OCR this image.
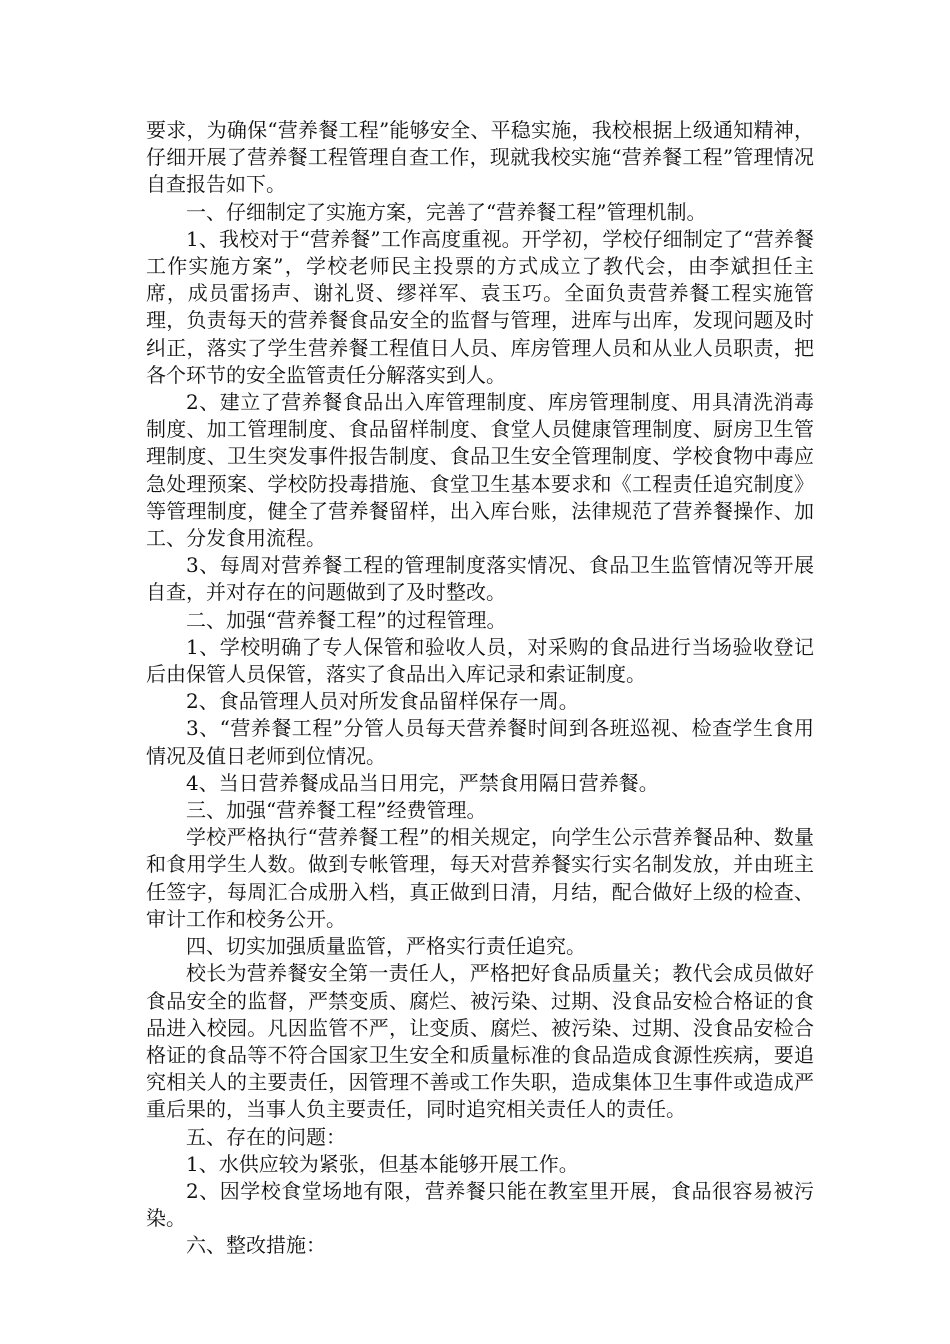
要求，为确保“营养餐工程”能够安全、平稳实施，我校根据上级通知精神，仔细开展了营养餐工程管理自查工作，现就我校实施“营养餐工程”管理情况自查报告如下。

一、仔细制定了实施方案，完善了“营养餐工程”管理机制。

1、我校对于“营养餐”工作高度重视。开学初，学校仔细制定了“营养餐工作实施方案”，学校老师民主投票的方式成立了教代会，由李斌担任主席，成员雷扬声、谢礼贤、缪祥军、袁玉巧。全面负责营养餐工程实施管理，负责每天的营养餐食品安全的监督与管理，进库与出库，发现问题及时纠正，落实了学生营养餐工程值日人员、库房管理人员和从业人员职责，把各个环节的安全监管责任分解落实到人。

2、建立了营养餐食品出入库管理制度、库房管理制度、用具清洗消毒制度、加工管理制度、食品留样制度、食堂人员健康管理制度、厨房卫生管理制度、卫生突发事件报告制度、食品卫生安全管理制度、学校食物中毒应急处理预案、学校防投毒措施、食堂卫生基本要求和《工程责任追究制度》等管理制度，健全了营养餐留样，出入库台账，法律规范了营养餐操作、加工、分发食用流程。

3、每周对营养餐工程的管理制度落实情况、食品卫生监管情况等开展自查，并对存在的问题做到了及时整改。

二、加强“营养餐工程”的过程管理。

1、学校明确了专人保管和验收人员，对采购的食品进行当场验收登记后由保管人员保管，落实了食品出入库记录和索证制度。

2、食品管理人员对所发食品留样保存一周。

3、“营养餐工程”分管人员每天营养餐时间到各班巡视、检查学生食用情况及值日老师到位情况。

4、当日营养餐成品当日用完，严禁食用隔日营养餐。

三、加强“营养餐工程”经费管理。

学校严格执行“营养餐工程”的相关规定，向学生公示营养餐品种、数量和食用学生人数。做到专帐管理，每天对营养餐实行实名制发放，并由班主任签字，每周汇合成册入档，真正做到日清，月结，配合做好上级的检查、审计工作和校务公开。

四、切实加强质量监管，严格实行责任追究。

校长为营养餐安全第一责任人，严格把好食品质量关；教代会成员做好食品安全的监督，严禁变质、腐烂、被污染、过期、没食品安检合格证的食品进入校园。凡因监管不严，让变质、腐烂、被污染、过期、没食品安检合格证的食品等不符合国家卫生安全和质量标准的食品造成食源性疾病，要追究相关人的主要责任，因管理不善或工作失职，造成集体卫生事件或造成严重后果的，当事人负主要责任，同时追究相关责任人的责任。

五、存在的问题：

1、水供应较为紧张，但基本能够开展工作。

2、因学校食堂场地有限，营养餐只能在教室里开展，食品很容易被污染。

六、整改措施：
